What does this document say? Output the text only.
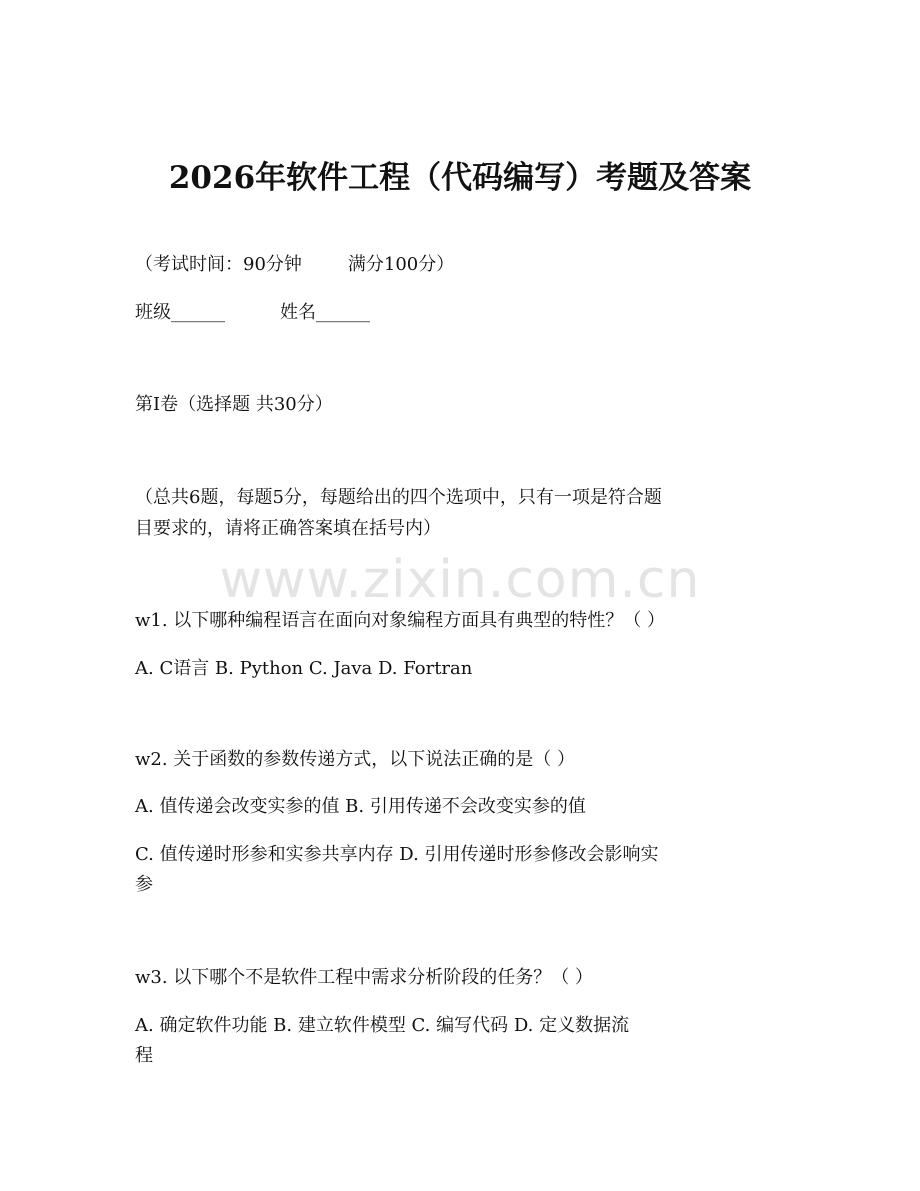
2026年软件工程（代码编写）考题及答案
（考试时间：90分钟	满分100分）
班级______	姓名______
第I卷（选择题 共30分）
（总共6题，每题5分，每题给出的四个选项中，只有一项是符合题
目要求的，请将正确答案填在括号内）
www.zixin.com.cn
w1. 以下哪种编程语言在面向对象编程方面具有典型的特性？（ ）
A. C语言 B. Python C. Java D. Fortran
w2. 关于函数的参数传递方式，以下说法正确的是（ ）
A. 值传递会改变实参的值 B. 引用传递不会改变实参的值
C. 值传递时形参和实参共享内存 D. 引用传递时形参修改会影响实
参
w3. 以下哪个不是软件工程中需求分析阶段的任务？（ ）
A. 确定软件功能 B. 建立软件模型 C. 编写代码 D. 定义数据流
程
